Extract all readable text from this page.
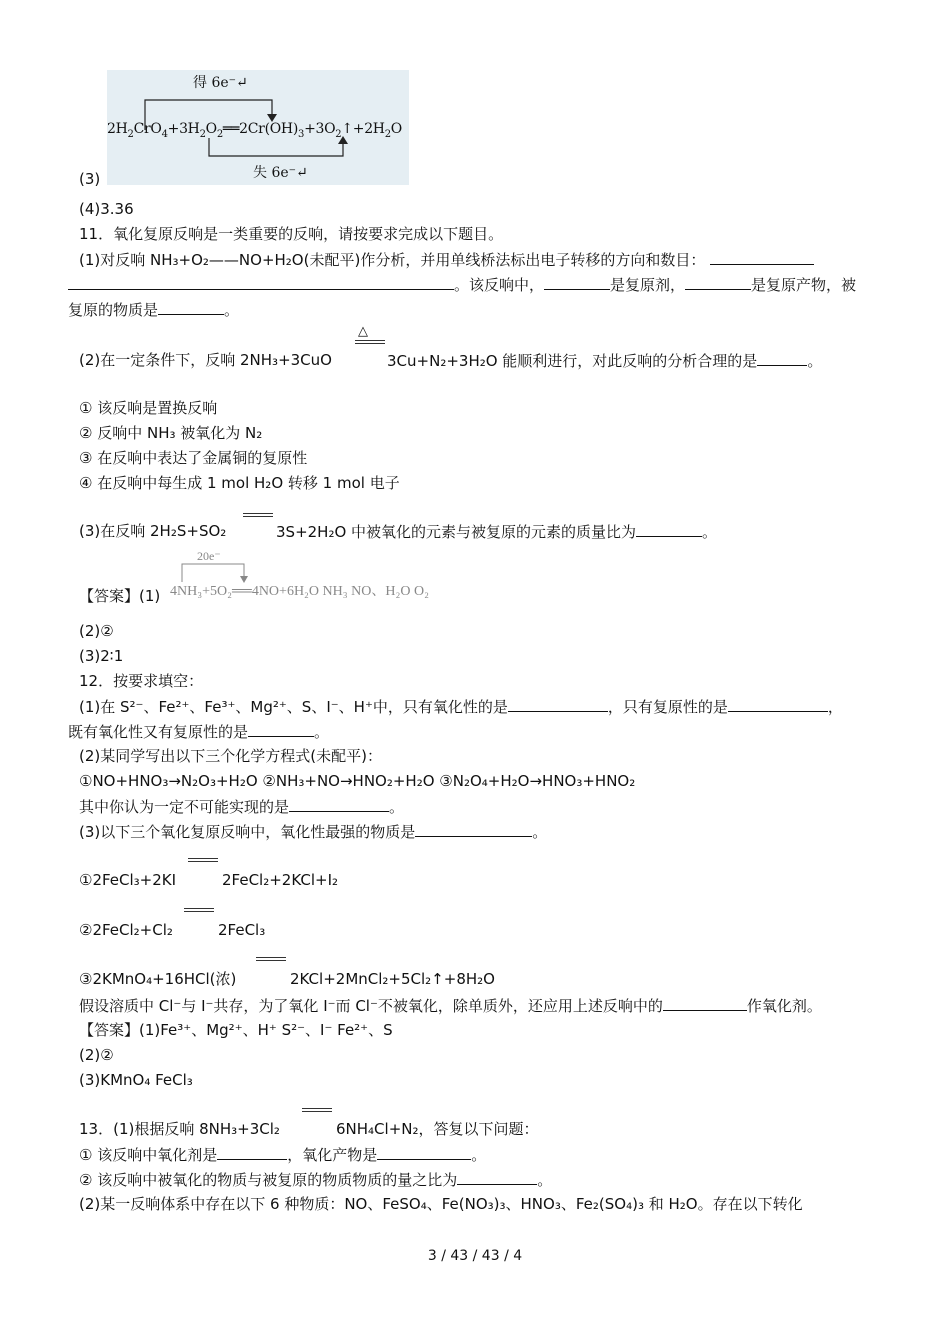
得 6e⁻↵
$2H_2CrO_4+3H_2O_2══2Cr(OH)_3+3O_2↑+2H_2O$
失 6e⁻↵
(3)
(4)3.36
11．氧化复原反响是一类重要的反响，请按要求完成以下题目。
(1)对反响 NH₃+O₂——NO+H₂O(未配平)作分析，并用单线桥法标出电子转移的方向和数目：
。该反响中，	是复原剂，	是复原产物，被
复原的物质是	。
△
(2)在一定条件下，反响 2NH₃+3CuO	3Cu+N₂+3H₂O 能顺利进行，对此反响的分析合理的是	。
① 该反响是置换反响
② 反响中 NH₃ 被氧化为 N₂
③ 在反响中表达了金属铜的复原性
④ 在反响中每生成 1 mol H₂O 转移 1 mol 电子
(3)在反响 2H₂S+SO₂	3S+2H₂O 中被氧化的元素与被复原的元素的质量比为	。
【答案】(1)
20e⁻
4NH₃+5O₂══4NO+6H₂O NH₃ NO、H₂O O₂
(2)②
(3)2∶1
12．按要求填空：
(1)在 S²⁻、Fe²⁺、Fe³⁺、Mg²⁺、S、I⁻、H⁺中，只有氧化性的是	，只有复原性的是	，
既有氧化性又有复原性的是	。
(2)某同学写出以下三个化学方程式(未配平)：
①NO+HNO₃→N₂O₃+H₂O ②NH₃+NO→HNO₂+H₂O ③N₂O₄+H₂O→HNO₃+HNO₂
其中你认为一定不可能实现的是	。
(3)以下三个氧化复原反响中，氧化性最强的物质是	。
①2FeCl₃+2KI	2FeCl₂+2KCl+I₂
②2FeCl₂+Cl₂	2FeCl₃
③2KMnO₄+16HCl(浓)	2KCl+2MnCl₂+5Cl₂↑+8H₂O
假设溶质中 Cl⁻与 I⁻共存，为了氧化 I⁻而 Cl⁻不被氧化，除单质外，还应用上述反响中的	作氧化剂。
【答案】(1)Fe³⁺、Mg²⁺、H⁺ S²⁻、I⁻ Fe²⁺、S
(2)②
(3)KMnO₄ FeCl₃
13．(1)根据反响 8NH₃+3Cl₂	6NH₄Cl+N₂，答复以下问题：
① 该反响中氧化剂是	，氧化产物是	。
② 该反响中被氧化的物质与被复原的物质物质的量之比为	。
(2)某一反响体系中存在以下 6 种物质：NO、FeSO₄、Fe(NO₃)₃、HNO₃、Fe₂(SO₄)₃ 和 H₂O。存在以下转化
3 / 43 / 43 / 4
